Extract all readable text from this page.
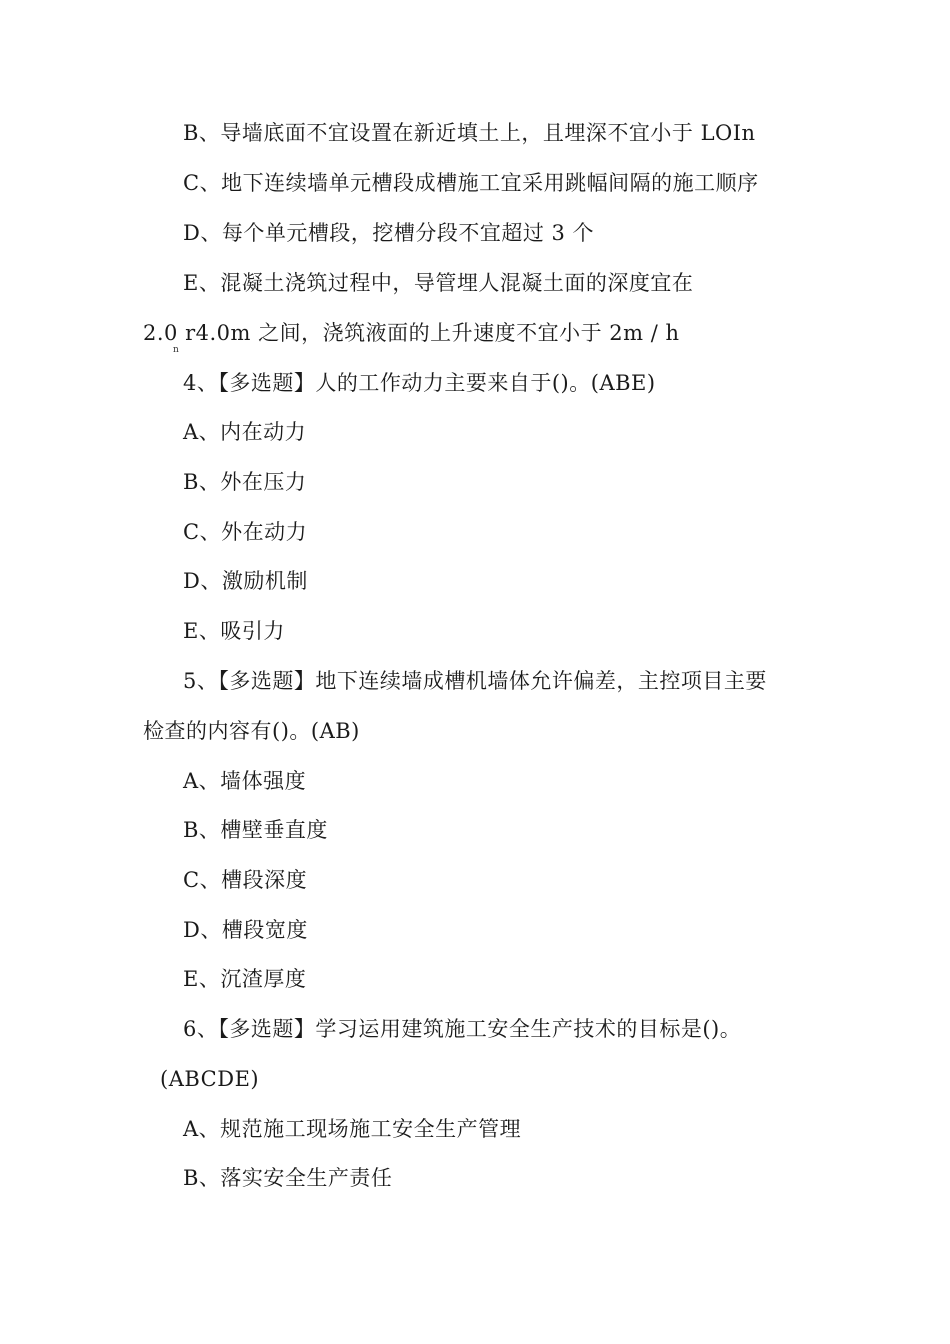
B、导墙底面不宜设置在新近填土上，且埋深不宜小于 LOIn
C、地下连续墙单元槽段成槽施工宜采用跳幅间隔的施工顺序
D、每个单元槽段，挖槽分段不宜超过 3 个
E、混凝土浇筑过程中，导管埋人混凝土面的深度宜在
2.0 r4.0m 之间，浇筑液面的上升速度不宜小于 2m / h
n
4、【多选题】人的工作动力主要来自于()。(ABE)
A、内在动力
B、外在压力
C、外在动力
D、激励机制
E、吸引力
5、【多选题】地下连续墙成槽机墙体允许偏差，主控项目主要
检查的内容有()。(AB)
A、墙体强度
B、槽壁垂直度
C、槽段深度
D、槽段宽度
E、沉渣厚度
6、【多选题】学习运用建筑施工安全生产技术的目标是()。
(ABCDE)
A、规范施工现场施工安全生产管理
B、落实安全生产责任
